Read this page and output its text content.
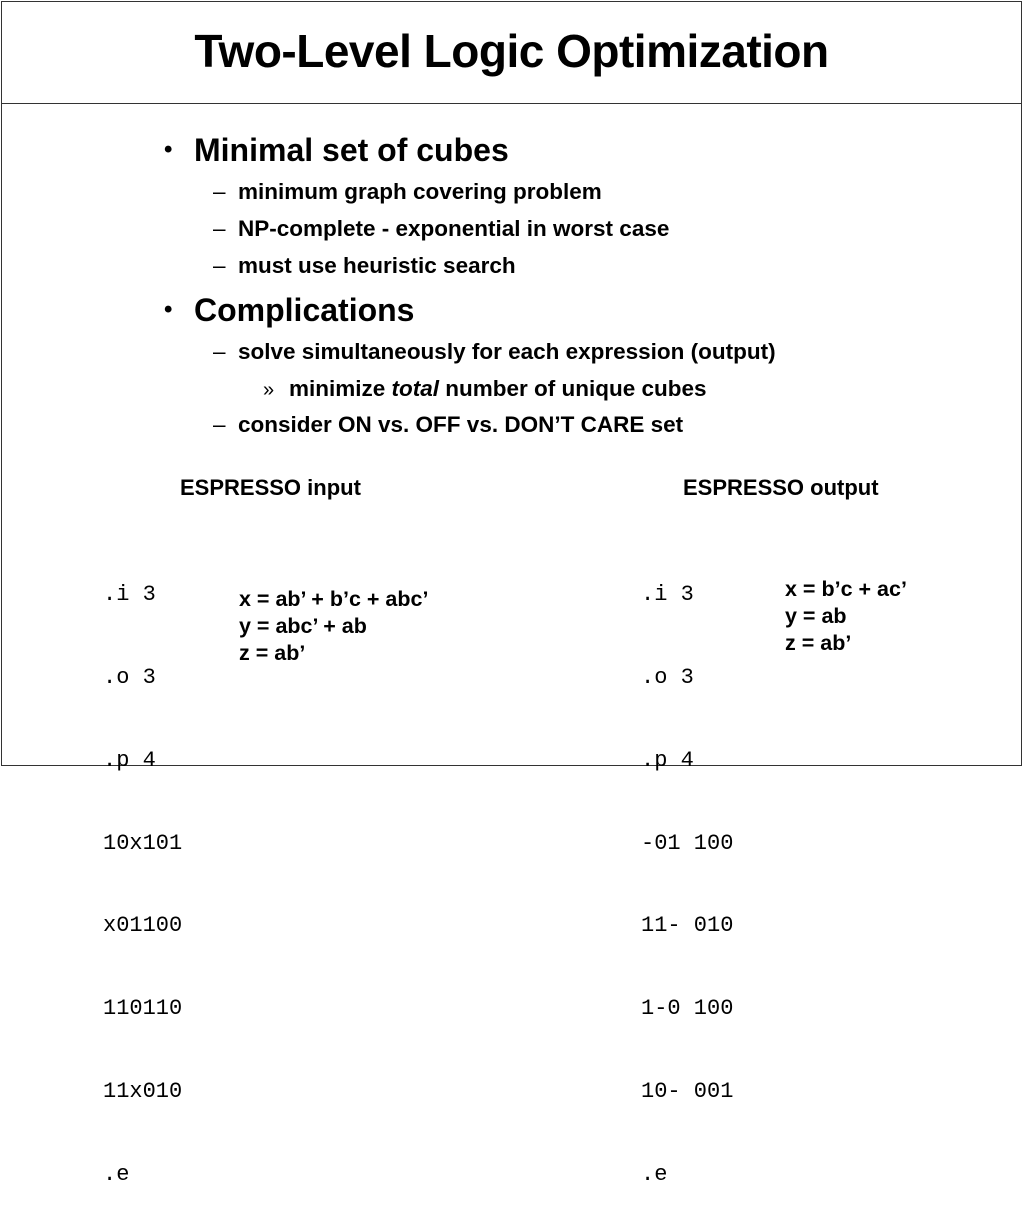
Two-Level Logic Optimization
• Minimal set of cubes
– minimum graph covering problem
– NP-complete - exponential in worst case
– must use heuristic search
• Complications
– solve simultaneously for each expression (output)
» minimize total number of unique cubes
– consider ON vs. OFF vs. DON’T CARE set
ESPRESSO input

.i 3

.o 3

.p 4

10x101

x01100

110110

11x010

.e

x = ab’ + b’c + abc’
y = abc’ + ab
z = ab’
ESPRESSO output

.i 3

.o 3

.p 4

-01 100

11- 010

1-0 100

10- 001

.e

x = b’c + ac’
y = ab
z = ab’
